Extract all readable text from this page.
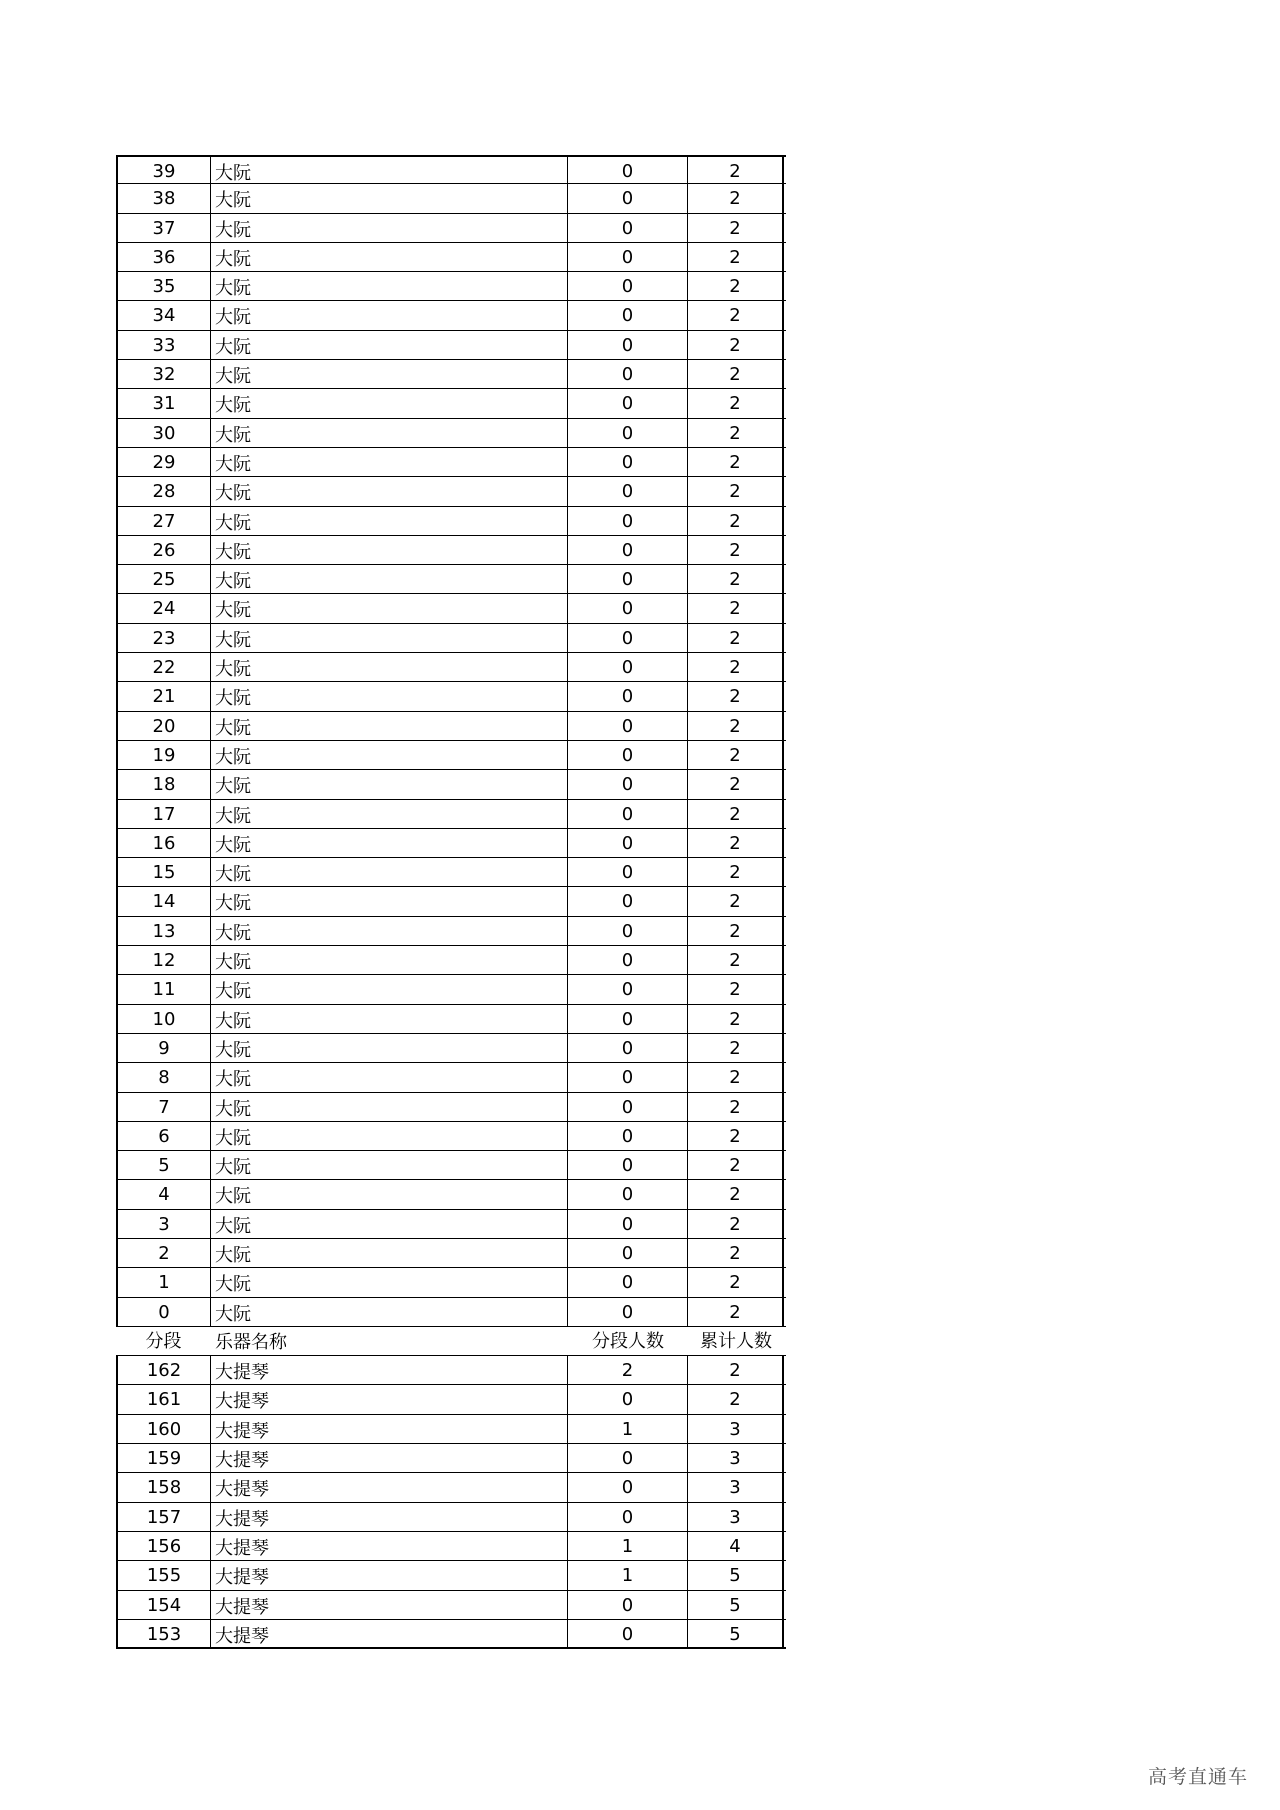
39	大阮	0	2
38	大阮	0	2
37	大阮	0	2
36	大阮	0	2
35	大阮	0	2
34	大阮	0	2
33	大阮	0	2
32	大阮	0	2
31	大阮	0	2
30	大阮	0	2
29	大阮	0	2
28	大阮	0	2
27	大阮	0	2
26	大阮	0	2
25	大阮	0	2
24	大阮	0	2
23	大阮	0	2
22	大阮	0	2
21	大阮	0	2
20	大阮	0	2
19	大阮	0	2
18	大阮	0	2
17	大阮	0	2
16	大阮	0	2
15	大阮	0	2
14	大阮	0	2
13	大阮	0	2
12	大阮	0	2
11	大阮	0	2
10	大阮	0	2
9	大阮	0	2
8	大阮	0	2
7	大阮	0	2
6	大阮	0	2
5	大阮	0	2
4	大阮	0	2
3	大阮	0	2
2	大阮	0	2
1	大阮	0	2
0	大阮	0	2
分段	乐器名称	分段人数	累计人数
162	大提琴	2	2
161	大提琴	0	2
160	大提琴	1	3
159	大提琴	0	3
158	大提琴	0	3
157	大提琴	0	3
156	大提琴	1	4
155	大提琴	1	5
154	大提琴	0	5
153	大提琴	0	5
高考直通车
